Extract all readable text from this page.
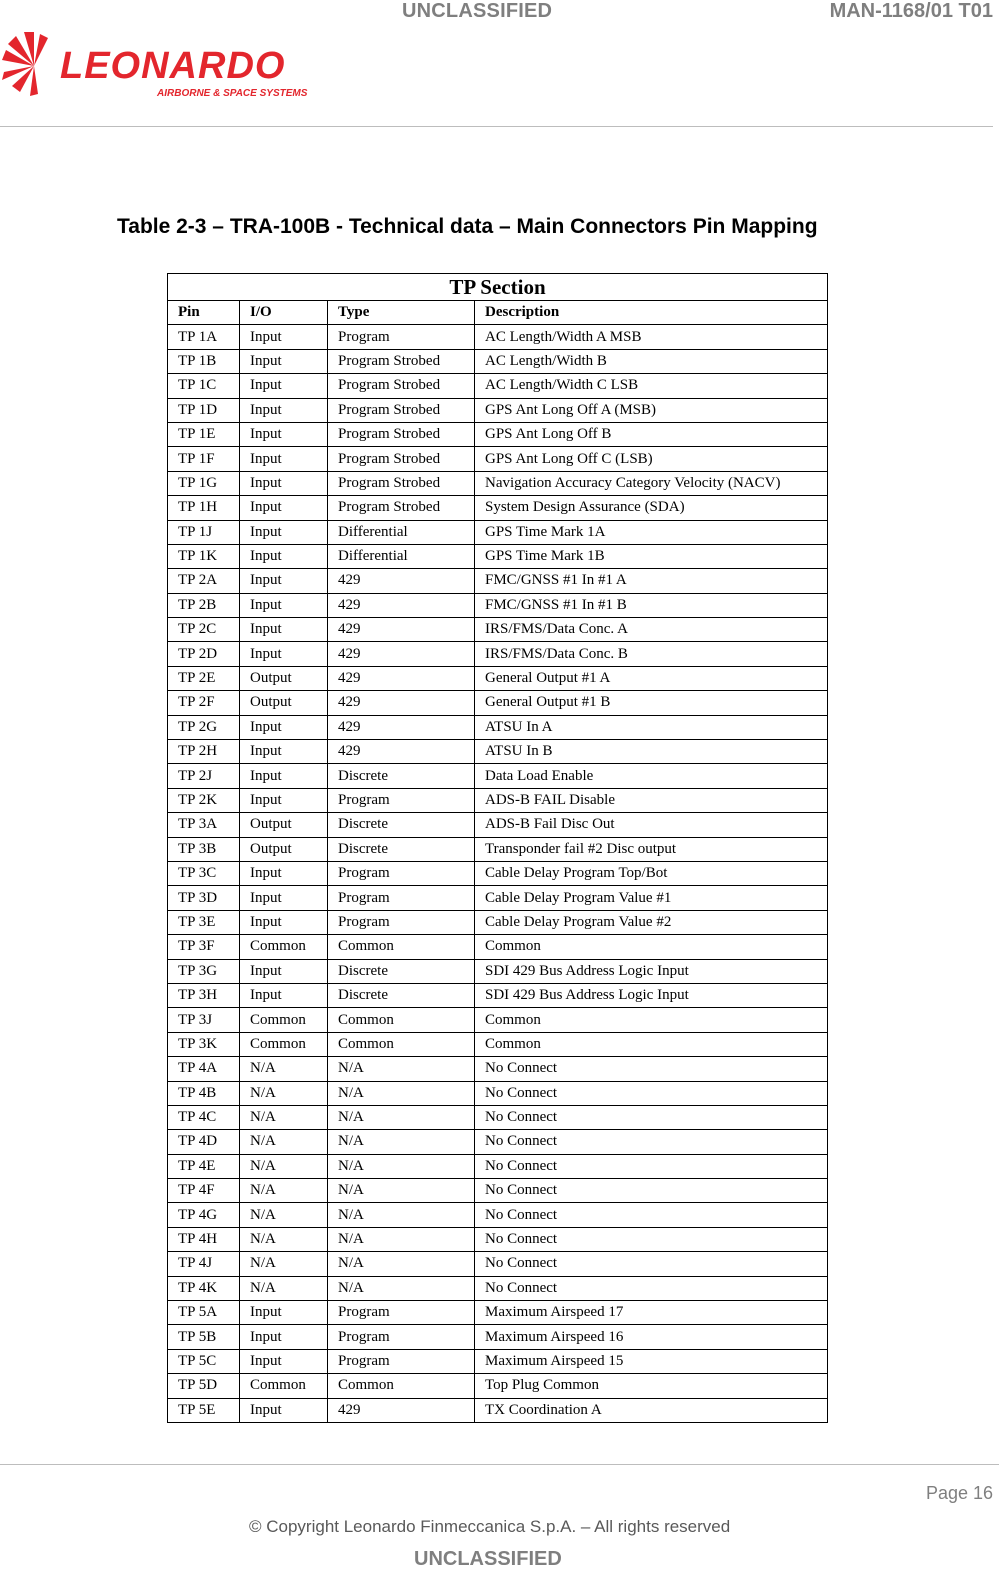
UNCLASSIFIED	MAN-1168/01 T01
LEONARDO
AIRBORNE & SPACE SYSTEMS
Table 2-3 – TRA-100B - Technical data – Main Connectors Pin Mapping
TP Section			
Pin	I/O	Type	Description
TP 1A	Input	Program	AC Length/Width A MSB
TP 1B	Input	Program Strobed	AC Length/Width B
TP 1C	Input	Program Strobed	AC Length/Width C LSB
TP 1D	Input	Program Strobed	GPS Ant Long Off A (MSB)
TP 1E	Input	Program Strobed	GPS Ant Long Off B
TP 1F	Input	Program Strobed	GPS Ant Long Off C (LSB)
TP 1G	Input	Program Strobed	Navigation Accuracy Category Velocity (NACV)
TP 1H	Input	Program Strobed	System Design Assurance (SDA)
TP 1J	Input	Differential	GPS Time Mark 1A
TP 1K	Input	Differential	GPS Time Mark 1B
TP 2A	Input	429	FMC/GNSS #1 In #1 A
TP 2B	Input	429	FMC/GNSS #1 In #1 B
TP 2C	Input	429	IRS/FMS/Data Conc. A
TP 2D	Input	429	IRS/FMS/Data Conc. B
TP 2E	Output	429	General Output #1 A
TP 2F	Output	429	General Output #1 B
TP 2G	Input	429	ATSU In A
TP 2H	Input	429	ATSU In B
TP 2J	Input	Discrete	Data Load Enable
TP 2K	Input	Program	ADS-B FAIL Disable
TP 3A	Output	Discrete	ADS-B Fail Disc Out
TP 3B	Output	Discrete	Transponder fail #2 Disc output
TP 3C	Input	Program	Cable Delay Program Top/Bot
TP 3D	Input	Program	Cable Delay Program Value #1
TP 3E	Input	Program	Cable Delay Program Value #2
TP 3F	Common	Common	Common
TP 3G	Input	Discrete	SDI 429 Bus Address Logic Input
TP 3H	Input	Discrete	SDI 429 Bus Address Logic Input
TP 3J	Common	Common	Common
TP 3K	Common	Common	Common
TP 4A	N/A	N/A	No Connect
TP 4B	N/A	N/A	No Connect
TP 4C	N/A	N/A	No Connect
TP 4D	N/A	N/A	No Connect
TP 4E	N/A	N/A	No Connect
TP 4F	N/A	N/A	No Connect
TP 4G	N/A	N/A	No Connect
TP 4H	N/A	N/A	No Connect
TP 4J	N/A	N/A	No Connect
TP 4K	N/A	N/A	No Connect
TP 5A	Input	Program	Maximum Airspeed 17
TP 5B	Input	Program	Maximum Airspeed 16
TP 5C	Input	Program	Maximum Airspeed 15
TP 5D	Common	Common	Top Plug Common
TP 5E	Input	429	TX Coordination A
Page 16
© Copyright Leonardo Finmeccanica S.p.A. – All rights reserved
UNCLASSIFIED
